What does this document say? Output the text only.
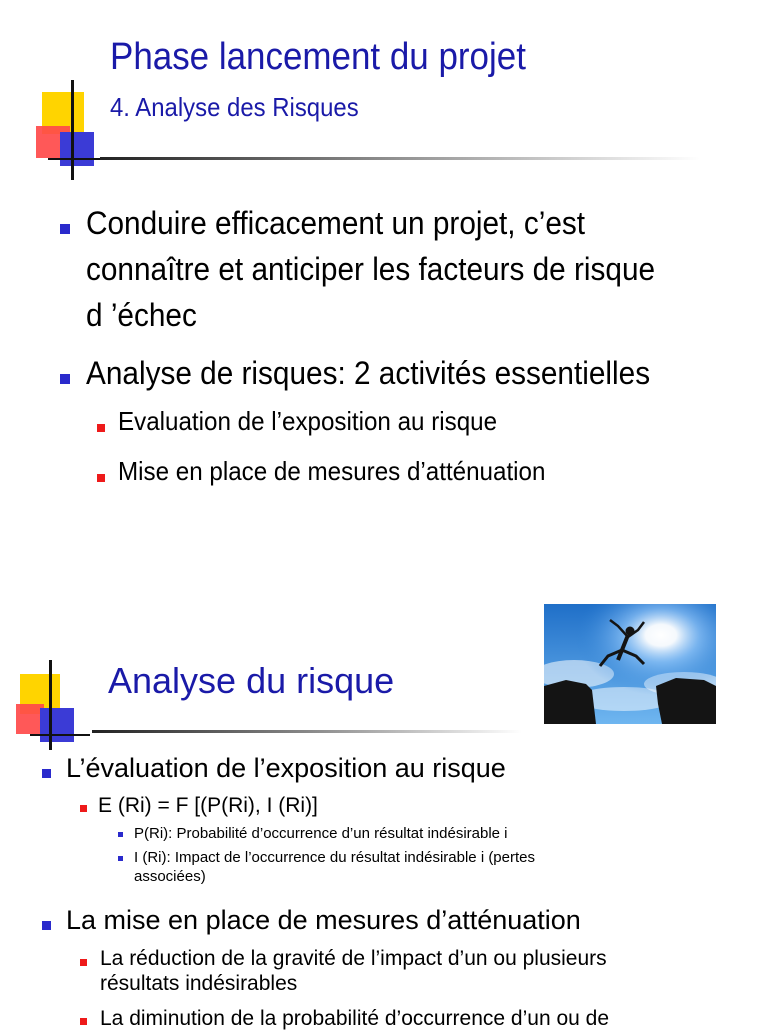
Phase lancement du projet
4. Analyse des Risques
Conduire efficacement un projet, c’est
connaître et anticiper les facteurs de risque
d ’échec
Analyse de risques: 2 activités essentielles
Evaluation de l’exposition au risque
Mise en place de mesures d’atténuation
Analyse du risque
L’évaluation de l’exposition au risque
E (Ri) = F [(P(Ri), I (Ri)]
P(Ri): Probabilité d’occurrence d’un résultat indésirable i
I (Ri): Impact de l’occurrence du résultat indésirable i (pertes
associées)
La mise en place de mesures d’atténuation
La réduction de la gravité de l’impact d’un ou plusieurs
résultats indésirables
La diminution de la probabilité d’occurrence d’un ou de
